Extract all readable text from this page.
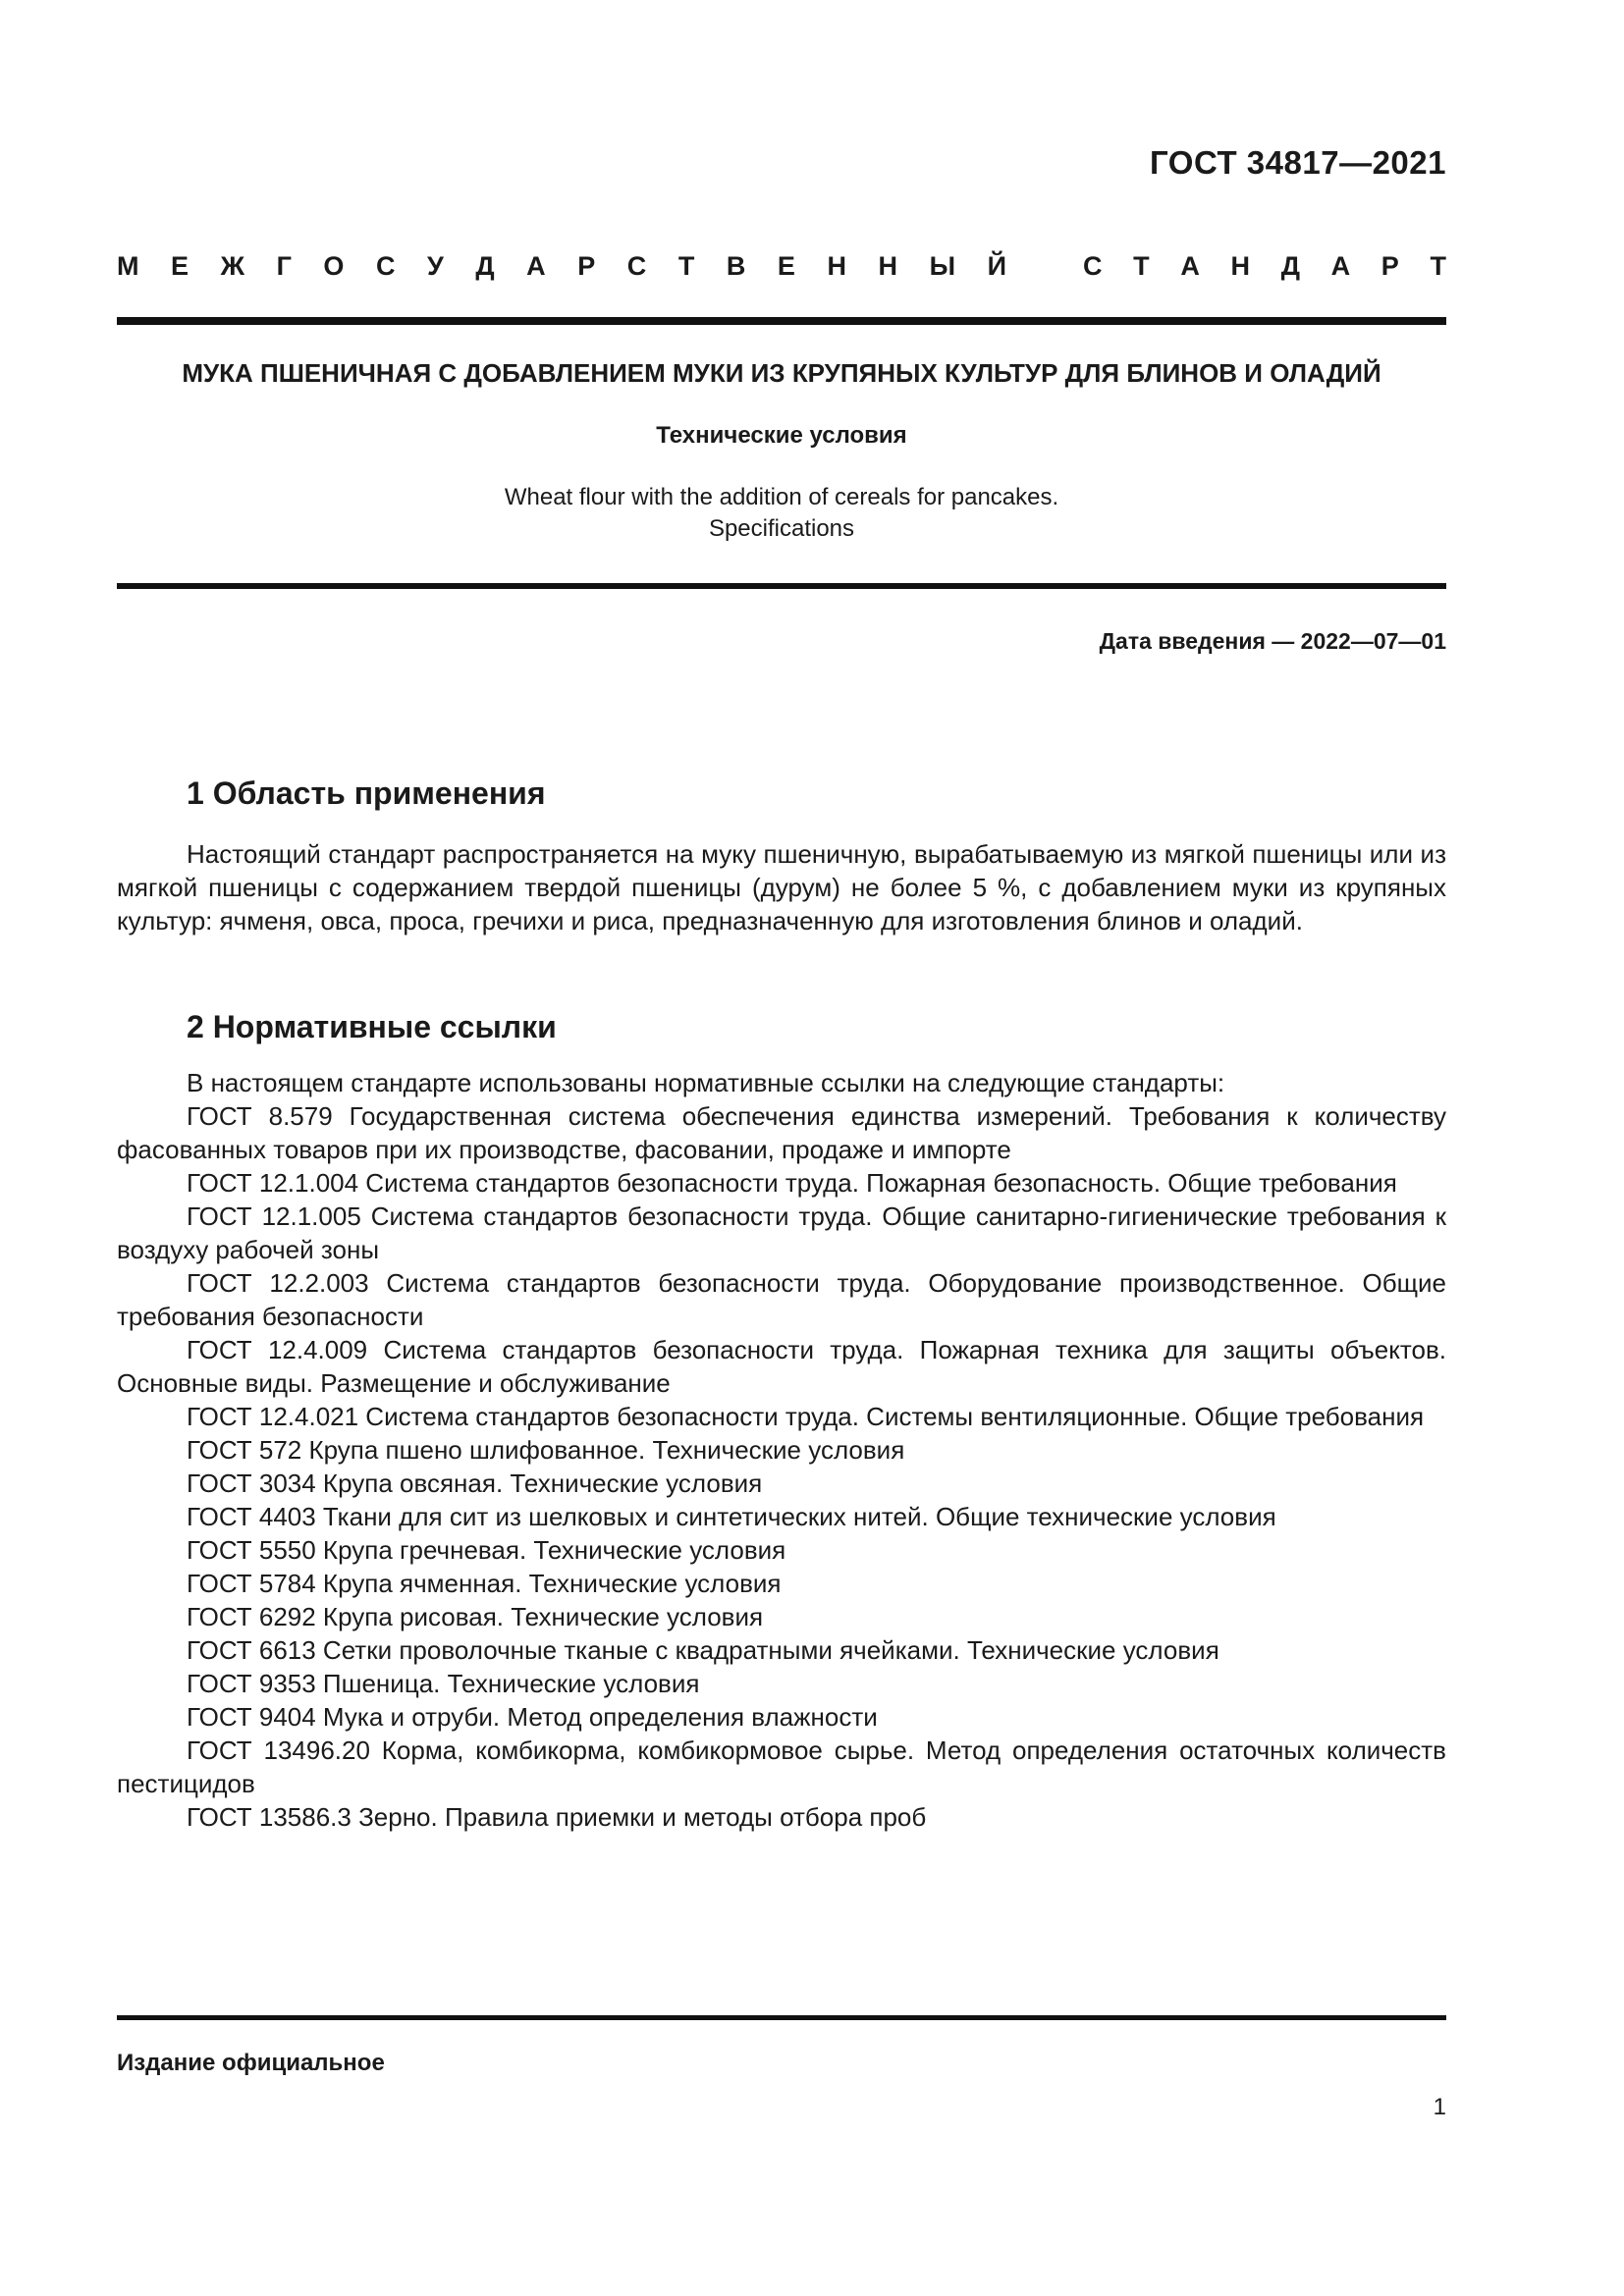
ГОСТ 34817—2021
М Е Ж Г О С У Д А Р С Т В Е Н Н Ы Й	С Т А Н Д А Р Т
МУКА ПШЕНИЧНАЯ С ДОБАВЛЕНИЕМ МУКИ ИЗ КРУПЯНЫХ КУЛЬТУР ДЛЯ БЛИНОВ И ОЛАДИЙ
Технические условия
Wheat flour with the addition of cereals for pancakes.
Specifications
Дата введения — 2022—07—01
1 Область применения

Настоящий стандарт распространяется на муку пшеничную, вырабатываемую из мягкой пшеницы или из мягкой пшеницы с содержанием твердой пшеницы (дурум) не более 5 %, с добавлением муки из крупяных культур: ячменя, овса, проса, гречихи и риса, предназначенную для изготовления блинов и оладий.

2 Нормативные ссылки

В настоящем стандарте использованы нормативные ссылки на следующие стандарты:

ГОСТ 8.579 Государственная система обеспечения единства измерений. Требования к количеству фасованных товаров при их производстве, фасовании, продаже и импорте

ГОСТ 12.1.004 Система стандартов безопасности труда. Пожарная безопасность. Общие требования

ГОСТ 12.1.005 Система стандартов безопасности труда. Общие санитарно-гигиенические требования к воздуху рабочей зоны

ГОСТ 12.2.003 Система стандартов безопасности труда. Оборудование производственное. Общие требования безопасности

ГОСТ 12.4.009 Система стандартов безопасности труда. Пожарная техника для защиты объектов. Основные виды. Размещение и обслуживание

ГОСТ 12.4.021 Система стандартов безопасности труда. Системы вентиляционные. Общие требования

ГОСТ 572 Крупа пшено шлифованное. Технические условия

ГОСТ 3034 Крупа овсяная. Технические условия

ГОСТ 4403 Ткани для сит из шелковых и синтетических нитей. Общие технические условия

ГОСТ 5550 Крупа гречневая. Технические условия

ГОСТ 5784 Крупа ячменная. Технические условия

ГОСТ 6292 Крупа рисовая. Технические условия

ГОСТ 6613 Сетки проволочные тканые с квадратными ячейками. Технические условия

ГОСТ 9353 Пшеница. Технические условия

ГОСТ 9404 Мука и отруби. Метод определения влажности

ГОСТ 13496.20 Корма, комбикорма, комбикормовое сырье. Метод определения остаточных количеств пестицидов

ГОСТ 13586.3 Зерно. Правила приемки и методы отбора проб

Издание официальное
1
